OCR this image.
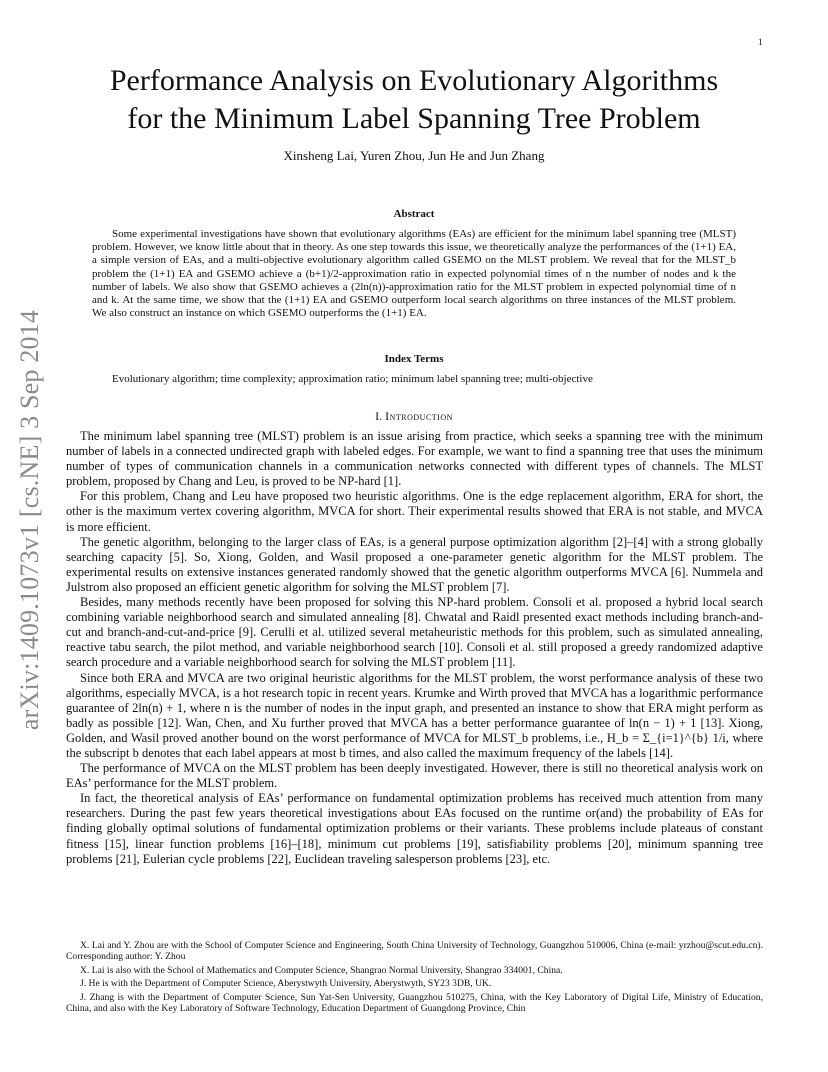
1
arXiv:1409.1073v1 [cs.NE] 3 Sep 2014
Performance Analysis on Evolutionary Algorithms
for the Minimum Label Spanning Tree Problem
Xinsheng Lai, Yuren Zhou, Jun He and Jun Zhang
Abstract

Some experimental investigations have shown that evolutionary algorithms (EAs) are efficient for the minimum label spanning tree (MLST) problem. However, we know little about that in theory. As one step towards this issue, we theoretically analyze the performances of the (1+1) EA, a simple version of EAs, and a multi-objective evolutionary algorithm called GSEMO on the MLST problem. We reveal that for the MLST_b problem the (1+1) EA and GSEMO achieve a (b+1)/2-approximation ratio in expected polynomial times of n the number of nodes and k the number of labels. We also show that GSEMO achieves a (2ln(n))-approximation ratio for the MLST problem in expected polynomial time of n and k. At the same time, we show that the (1+1) EA and GSEMO outperform local search algorithms on three instances of the MLST problem. We also construct an instance on which GSEMO outperforms the (1+1) EA.

Index Terms

Evolutionary algorithm; time complexity; approximation ratio; minimum label spanning tree; multi-objective

I. Introduction

The minimum label spanning tree (MLST) problem is an issue arising from practice, which seeks a spanning tree with the minimum number of labels in a connected undirected graph with labeled edges. For example, we want to find a spanning tree that uses the minimum number of types of communication channels in a communication networks connected with different types of channels. The MLST problem, proposed by Chang and Leu, is proved to be NP-hard [1].

For this problem, Chang and Leu have proposed two heuristic algorithms. One is the edge replacement algorithm, ERA for short, the other is the maximum vertex covering algorithm, MVCA for short. Their experimental results showed that ERA is not stable, and MVCA is more efficient.

The genetic algorithm, belonging to the larger class of EAs, is a general purpose optimization algorithm [2]–[4] with a strong globally searching capacity [5]. So, Xiong, Golden, and Wasil proposed a one-parameter genetic algorithm for the MLST problem. The experimental results on extensive instances generated randomly showed that the genetic algorithm outperforms MVCA [6]. Nummela and Julstrom also proposed an efficient genetic algorithm for solving the MLST problem [7].

Besides, many methods recently have been proposed for solving this NP-hard problem. Consoli et al. proposed a hybrid local search combining variable neighborhood search and simulated annealing [8]. Chwatal and Raidl presented exact methods including branch-and-cut and branch-and-cut-and-price [9]. Cerulli et al. utilized several metaheuristic methods for this problem, such as simulated annealing, reactive tabu search, the pilot method, and variable neighborhood search [10]. Consoli et al. still proposed a greedy randomized adaptive search procedure and a variable neighborhood search for solving the MLST problem [11].

Since both ERA and MVCA are two original heuristic algorithms for the MLST problem, the worst performance analysis of these two algorithms, especially MVCA, is a hot research topic in recent years. Krumke and Wirth proved that MVCA has a logarithmic performance guarantee of 2ln(n) + 1, where n is the number of nodes in the input graph, and presented an instance to show that ERA might perform as badly as possible [12]. Wan, Chen, and Xu further proved that MVCA has a better performance guarantee of ln(n − 1) + 1 [13]. Xiong, Golden, and Wasil proved another bound on the worst performance of MVCA for MLST_b problems, i.e., H_b = Σ_{i=1}^{b} 1/i, where the subscript b denotes that each label appears at most b times, and also called the maximum frequency of the labels [14].

The performance of MVCA on the MLST problem has been deeply investigated. However, there is still no theoretical analysis work on EAs’ performance for the MLST problem.

In fact, the theoretical analysis of EAs’ performance on fundamental optimization problems has received much attention from many researchers. During the past few years theoretical investigations about EAs focused on the runtime or(and) the probability of EAs for finding globally optimal solutions of fundamental optimization problems or their variants. These problems include plateaus of constant fitness [15], linear function problems [16]–[18], minimum cut problems [19], satisfiability problems [20], minimum spanning tree problems [21], Eulerian cycle problems [22], Euclidean traveling salesperson problems [23], etc.

X. Lai and Y. Zhou are with the School of Computer Science and Engineering, South China University of Technology, Guangzhou 510006, China (e-mail: yrzhou@scut.edu.cn). Corresponding author: Y. Zhou

X. Lai is also with the School of Mathematics and Computer Science, Shangrao Normal University, Shangrao 334001, China.

J. He is with the Department of Computer Science, Aberystwyth University, Aberystwyth, SY23 3DB, UK.

J. Zhang is with the Department of Computer Science, Sun Yat-Sen University, Guangzhou 510275, China, with the Key Laboratory of Digital Life, Ministry of Education, China, and also with the Key Laboratory of Software Technology, Education Department of Guangdong Province, Chin
